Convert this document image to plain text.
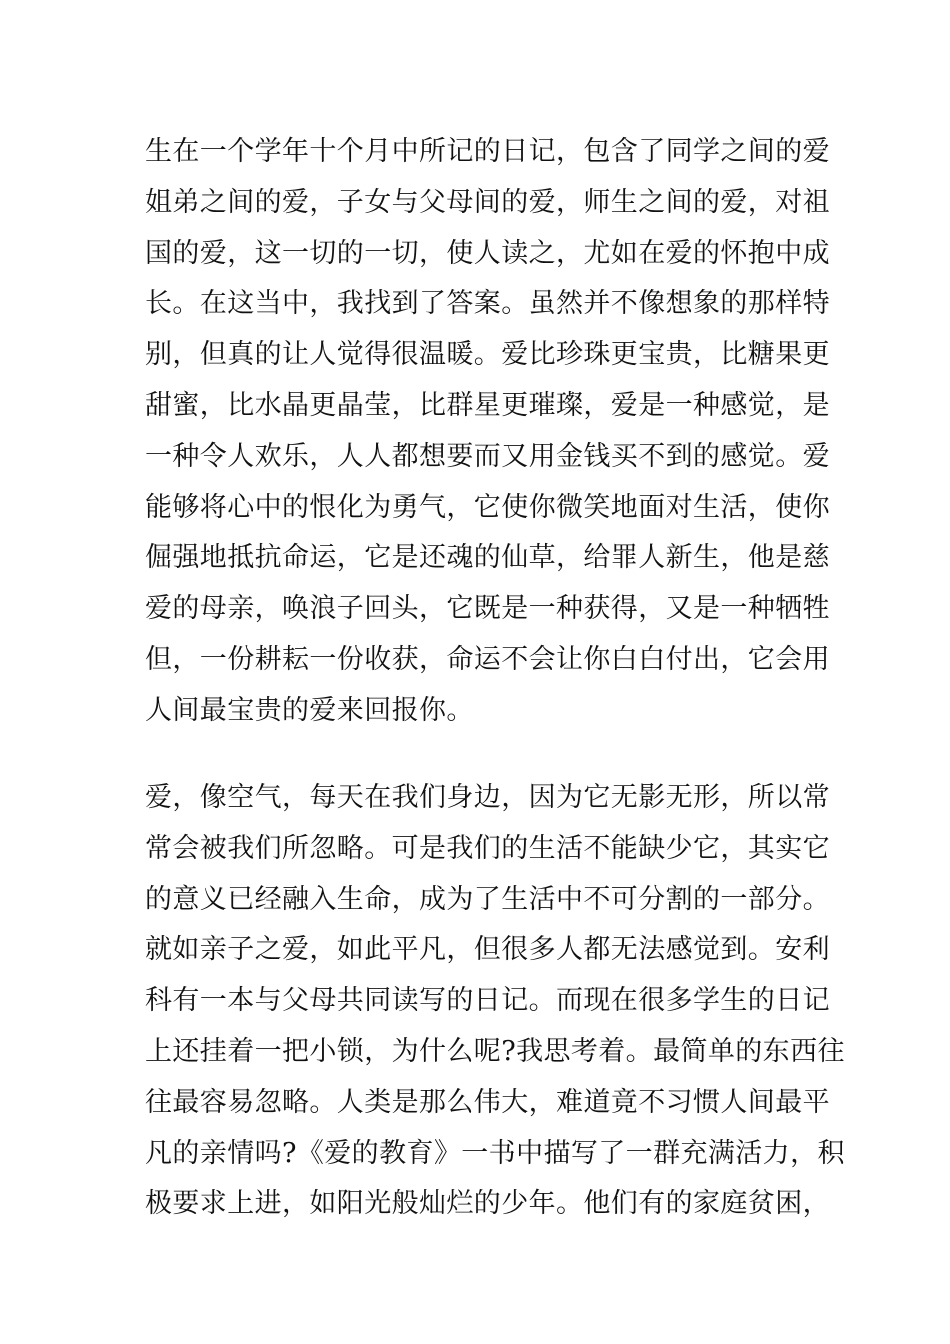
生在一个学年十个月中所记的日记，包含了同学之间的爱
姐弟之间的爱，子女与父母间的爱，师生之间的爱，对祖
国的爱，这一切的一切，使人读之，尤如在爱的怀抱中成
长。在这当中，我找到了答案。虽然并不像想象的那样特
别，但真的让人觉得很温暖。爱比珍珠更宝贵，比糖果更
甜蜜，比水晶更晶莹，比群星更璀璨，爱是一种感觉，是
一种令人欢乐，人人都想要而又用金钱买不到的感觉。爱
能够将心中的恨化为勇气，它使你微笑地面对生活，使你
倔强地抵抗命运，它是还魂的仙草，给罪人新生，他是慈
爱的母亲，唤浪子回头，它既是一种获得，又是一种牺牲
但，一份耕耘一份收获，命运不会让你白白付出，它会用
人间最宝贵的爱来回报你。
爱，像空气，每天在我们身边，因为它无影无形，所以常
常会被我们所忽略。可是我们的生活不能缺少它，其实它
的意义已经融入生命，成为了生活中不可分割的一部分。
就如亲子之爱，如此平凡，但很多人都无法感觉到。安利
科有一本与父母共同读写的日记。而现在很多学生的日记
上还挂着一把小锁，为什么呢?我思考着。最简单的东西往
往最容易忽略。人类是那么伟大，难道竟不习惯人间最平
凡的亲情吗?《爱的教育》一书中描写了一群充满活力，积
极要求上进，如阳光般灿烂的少年。他们有的家庭贫困，
